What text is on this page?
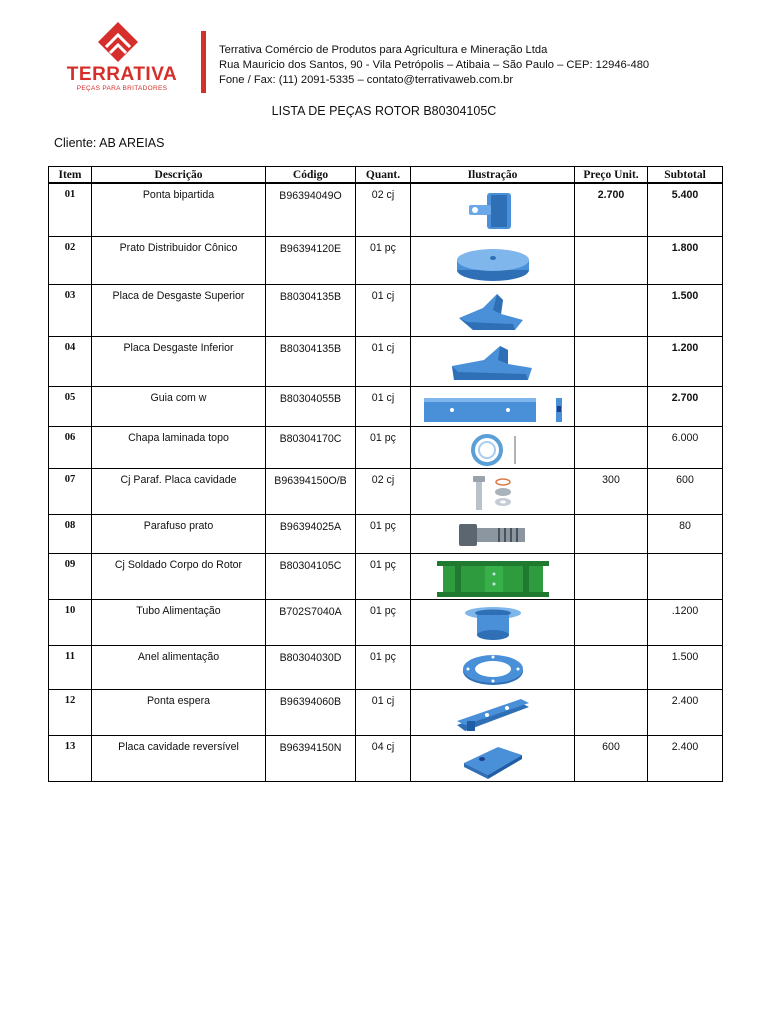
TERRATIVA
PEÇAS PARA BRITADORES
Terrativa Comércio de Produtos para Agricultura e Mineração Ltda
Rua Mauricio dos Santos, 90 - Vila Petrópolis – Atibaia – São Paulo – CEP: 12946-480
Fone / Fax: (11) 2091-5335 – contato@terrativaweb.com.br
LISTA DE PEÇAS ROTOR B80304105C
Cliente: AB AREIAS
Item	Descrição	Código	Quant.	Ilustração	Preço Unit.	Subtotal
01	Ponta bipartida	B96394049O	02 cj		2.700	5.400
02	Prato Distribuidor Cônico	B96394120E	01 pç			1.800
03	Placa de Desgaste Superior	B80304135B	01 cj			1.500
04	Placa Desgaste Inferior	B80304135B	01 cj			1.200
05	Guia com w	B80304055B	01 cj			2.700
06	Chapa laminada topo	B80304170C	01 pç			6.000
07	Cj Paraf. Placa cavidade	B96394150O/B	02 cj		300	600
08	Parafuso prato	B96394025A	01 pç			80
09	Cj Soldado Corpo do Rotor	B80304105C	01 pç	

10	Tubo Alimentação	B702S7040A	01 pç			.1200
11	Anel alimentação	B80304030D	01 pç			1.500
12	Ponta espera	B96394060B	01 cj			2.400
13	Placa cavidade reversível	B96394150N	04 cj		600	2.400
